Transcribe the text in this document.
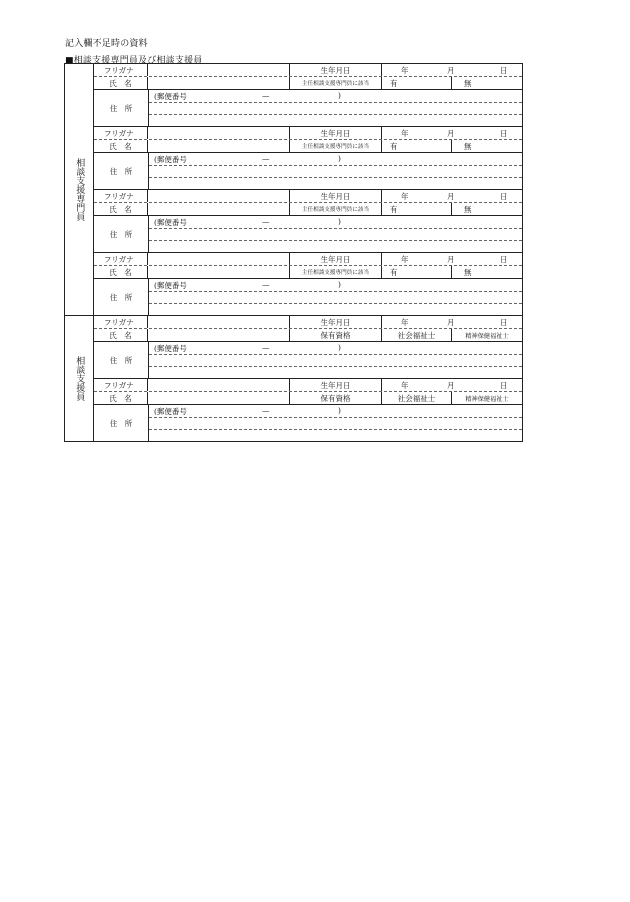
記入欄不足時の資料
■相談支援専門員及び相談支援員
相談支援専門員
フリガナ	生年月日	年	月	日
氏　名	主任相談支援専門員に該当	有	無
住　所
(郵便番号	—	)
フリガナ	生年月日	年	月	日
氏　名	主任相談支援専門員に該当	有	無
住　所
(郵便番号	—	)
フリガナ	生年月日	年	月	日
氏　名	主任相談支援専門員に該当	有	無
住　所
(郵便番号	—	)
フリガナ	生年月日	年	月	日
氏　名	主任相談支援専門員に該当	有	無
住　所
(郵便番号	—	)
相談支援員
フリガナ	生年月日	年	月	日
氏　名	保有資格	社会福祉士	精神保健福祉士
住　所
(郵便番号	—	)
フリガナ	生年月日	年	月	日
氏　名	保有資格	社会福祉士	精神保健福祉士
住　所
(郵便番号	—	)
